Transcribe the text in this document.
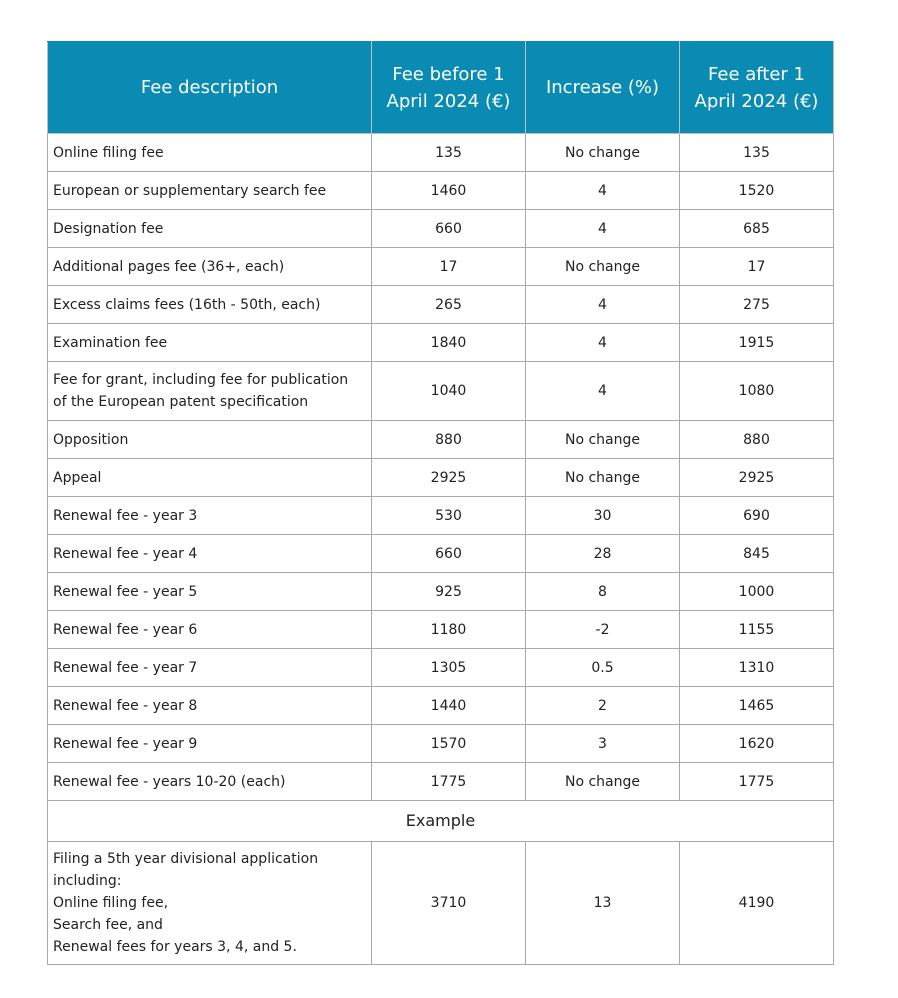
Fee description	Fee before 1
April 2024 (€)	Increase (%)	Fee after 1
April 2024 (€)

Online filing fee	135	No change	135
European or supplementary search fee	1460	4	1520
Designation fee	660	4	685
Additional pages fee (36+, each)	17	No change	17
Excess claims fees (16th - 50th, each)	265	4	275
Examination fee	1840	4	1915

Fee for grant, including fee for publication
of the European patent specification	1040	4	1080
Opposition	880	No change	880
Appeal	2925	No change	2925
Renewal fee - year 3	530	30	690
Renewal fee - year 4	660	28	845
Renewal fee - year 5	925	8	1000
Renewal fee - year 6	1180	-2	1155
Renewal fee - year 7	1305	0.5	1310
Renewal fee - year 8	1440	2	1465
Renewal fee - year 9	1570	3	1620
Renewal fee - years 10-20 (each)	1775	No change	1775
Example			

Filing a 5th year divisional application
including:
Online filing fee,
Search fee, and
Renewal fees for years 3, 4, and 5.	3710	13	4190
